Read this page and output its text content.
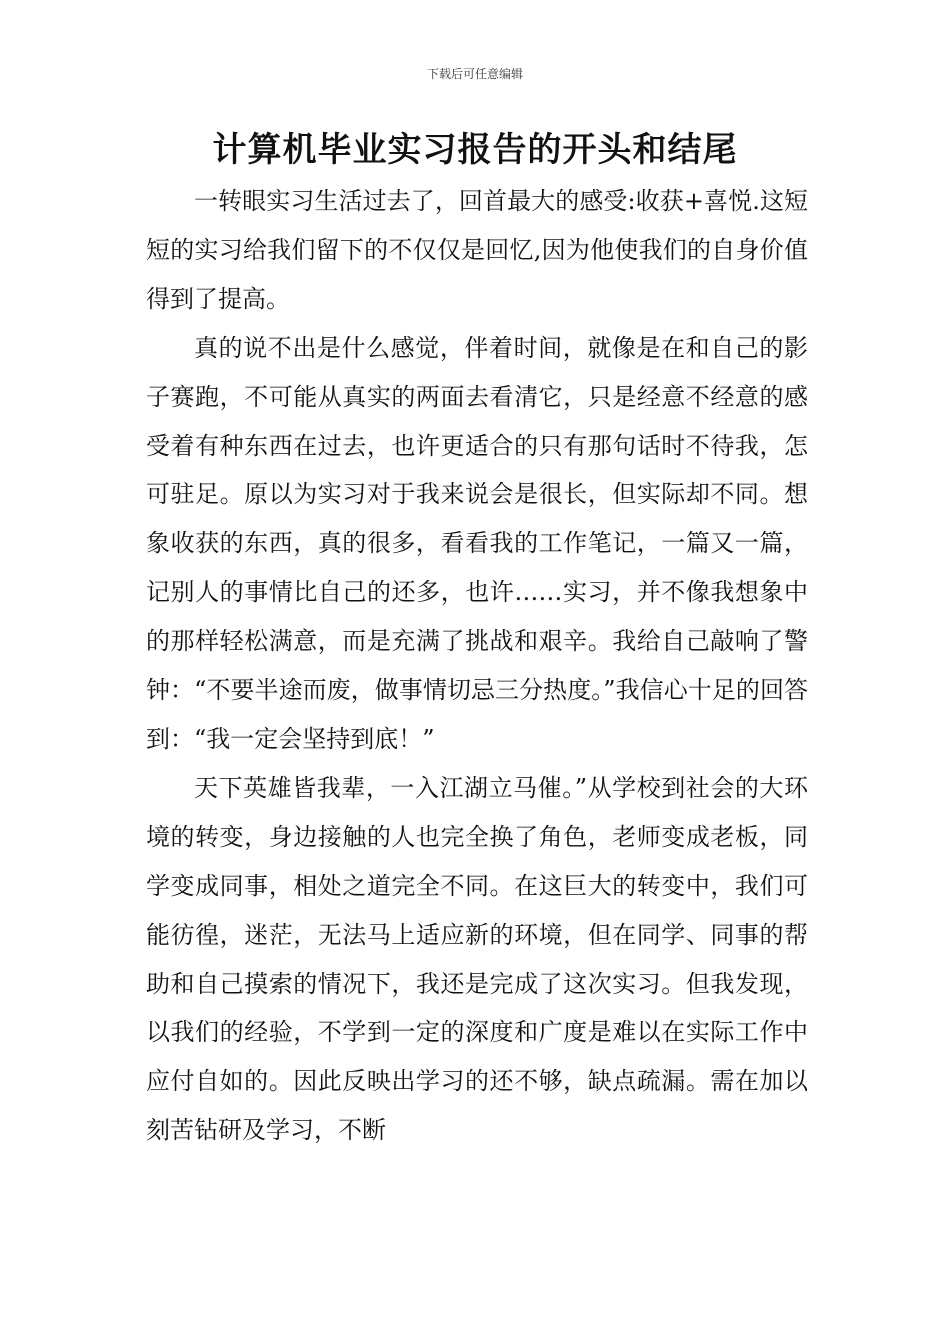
下载后可任意编辑
计算机毕业实习报告的开头和结尾

一转眼实习生活过去了，回首最大的感受:收获+喜悦.这短短的实习给我们留下的不仅仅是回忆,因为他使我们的自身价值得到了提高。

真的说不出是什么感觉，伴着时间，就像是在和自己的影子赛跑，不可能从真实的两面去看清它，只是经意不经意的感受着有种东西在过去，也许更适合的只有那句话时不待我，怎可驻足。原以为实习对于我来说会是很长，但实际却不同。想象收获的东西，真的很多，看看我的工作笔记，一篇又一篇，记别人的事情比自己的还多，也许……实习，并不像我想象中的那样轻松满意，而是充满了挑战和艰辛。我给自己敲响了警钟：“不要半途而废，做事情切忌三分热度。”我信心十足的回答到：“我一定会坚持到底！”

天下英雄皆我辈，一入江湖立马催。”从学校到社会的大环境的转变，身边接触的人也完全换了角色，老师变成老板，同学变成同事，相处之道完全不同。在这巨大的转变中，我们可能彷徨，迷茫，无法马上适应新的环境，但在同学、同事的帮助和自己摸索的情况下，我还是完成了这次实习。但我发现，以我们的经验，不学到一定的深度和广度是难以在实际工作中应付自如的。因此反映出学习的还不够，缺点疏漏。需在加以刻苦钻研及学习，不断
